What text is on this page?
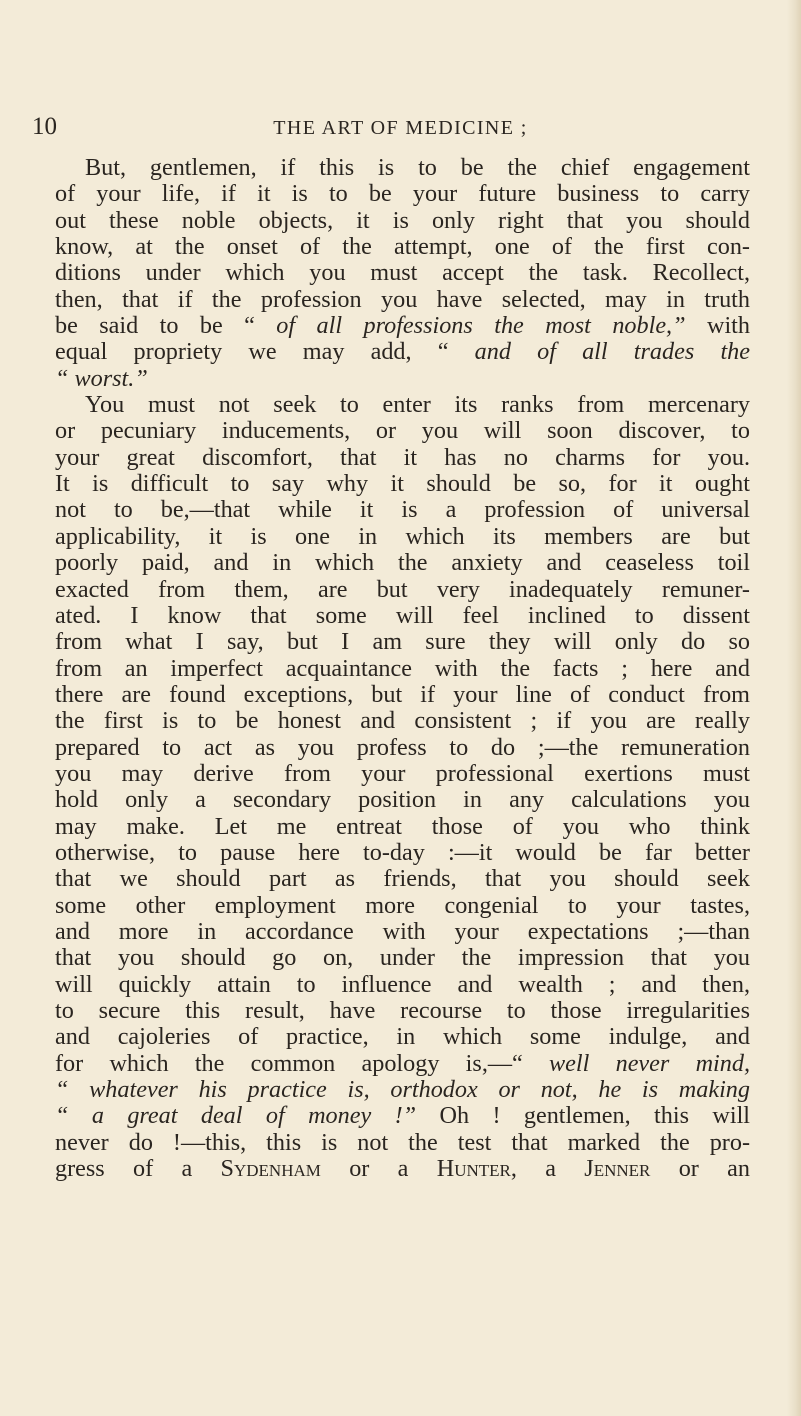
10	THE ART OF MEDICINE ;
But, gentlemen, if this is to be the chief engagement
of your life, if it is to be your future business to carry
out these noble objects, it is only right that you should
know, at the onset of the attempt, one of the first con-
ditions under which you must accept the task. Recollect,
then, that if the profession you have selected, may in truth
be said to be “ of all professions the most noble,” with
equal propriety we may add, “ and of all trades the
“ worst.”
You must not seek to enter its ranks from mercenary
or pecuniary inducements, or you will soon discover, to
your great discomfort, that it has no charms for you.
It is difficult to say why it should be so, for it ought
not to be,—that while it is a profession of universal
applicability, it is one in which its members are but
poorly paid, and in which the anxiety and ceaseless toil
exacted from them, are but very inadequately remuner-
ated. I know that some will feel inclined to dissent
from what I say, but I am sure they will only do so
from an imperfect acquaintance with the facts ; here and
there are found exceptions, but if your line of conduct from
the first is to be honest and consistent ; if you are really
prepared to act as you profess to do ;—the remuneration
you may derive from your professional exertions must
hold only a secondary position in any calculations you
may make. Let me entreat those of you who think
otherwise, to pause here to-day :—it would be far better
that we should part as friends, that you should seek
some other employment more congenial to your tastes,
and more in accordance with your expectations ;—than
that you should go on, under the impression that you
will quickly attain to influence and wealth ; and then,
to secure this result, have recourse to those irregularities
and cajoleries of practice, in which some indulge, and
for which the common apology is,—“ well never mind,
“ whatever his practice is, orthodox or not, he is making
“ a great deal of money !” Oh ! gentlemen, this will
never do !—this, this is not the test that marked the pro-
gress of a Sydenham or a Hunter, a Jenner or an
